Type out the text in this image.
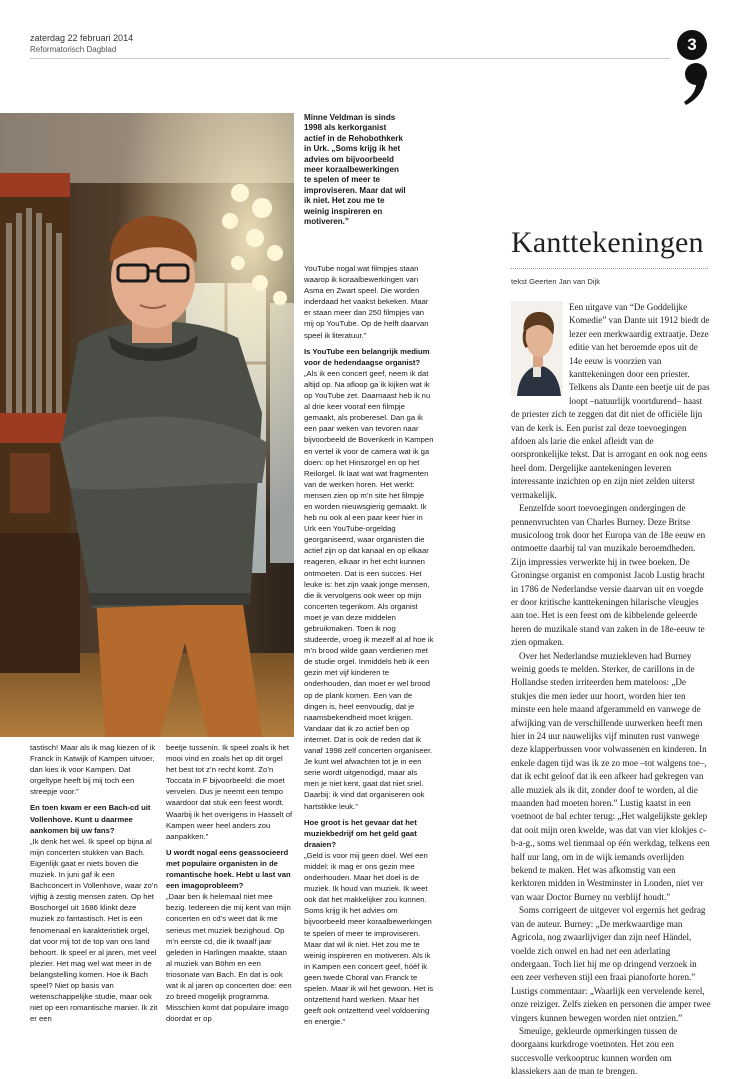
zaterdag 22 februari 2014
Reformatorisch Dagblad	3

Minne Veldman is sinds 1998 als kerkorganist actief in de Rehobothkerk in Urk. „Soms krijg ik het advies om bijvoorbeeld meer koraalbewerkingen te spelen of meer te improviseren. Maar dat wil ik niet. Het zou me te weinig inspireren en motiveren.”

tastisch! Maar als ik mag kiezen of ik Franck in Katwijk of Kampen uitvoer, dan kies ik voor Kampen. Dat orgeltype heeft bij mij toch een streepje voor.”

En toen kwam er een Bach-cd uit Vollenhove. Kunt u daarmee aankomen bij uw fans?

„Ik denk het wel. Ik speel op bijna al mijn concerten stukken van Bach. Eigenlijk gaat er niets boven die muziek. In juni gaf ik een Bachconcert in Vollenhove, waar zo’n vijftig à zestig mensen zaten. Op het Boschorgel uit 1686 klinkt deze muziek zo fantastisch. Het is een fenomenaal en karakteristiek orgel, dat voor mij tot de top van ons land behoort. Ik speel er al jaren, met veel plezier. Het mag wel wat meer in de belangstelling komen. Hoe ik Bach speel? Niet op basis van wetenschappelijke studie, maar ook niet op een romantische manier. Ik zit er een

beetje tussenin. Ik speel zoals ik het mooi vind en zoals het op dit orgel het best tot z’n recht komt. Zo’n Toccata in F bijvoorbeeld: die moet vervelen. Dus je neemt een tempo waardoor dat stuk een feest wordt. Waarbij ik het overigens in Hasselt of Kampen weer heel anders zou aanpakken.”

U wordt nogal eens geassocieerd met populaire organisten in de romantische hoek. Hebt u last van een imagoprobleem?

„Daar ben ik helemaal niet mee bezig. Iedereen die mij kent van mijn concerten en cd’s weet dat ik me serieus met muziek bezighoud. Op m’n eerste cd, die ik twaalf jaar geleden in Harlingen maakte, staan al muziek van Böhm en een triosonate van Bach. En dat is ook wat ik al jaren op concerten doe: een zo breed mogelijk programma. Misschien komt dat populaire imago doordat er op

YouTube nogal wat filmpjes staan waarop ik koraalbewerkingen van Asma en Zwart speel. Die worden inderdaad het vaakst bekeken. Maar er staan meer dan 250 filmpjes van mij op YouTube. Op de helft daarvan speel ik literatuur.”

Is YouTube een belangrijk medium voor de hedendaagse organist?

„Als ik een concert geef, neem ik dat altijd op. Na afloop ga ik kijken wat ik op YouTube zet. Daarnaast heb ik nu al drie keer vooraf een filmpje gemaakt, als proberesel. Dan ga ik een paar weken van tevoren naar bijvoorbeeld de Bovenkerk in Kampen en vertel ik voor de camera wat ik ga doen: op het Hinszorgel en op het Reilorgel. Ik laat wat wat fragmenten van de werken horen. Het werkt: mensen zien op m’n site het filmpje en worden nieuwsgierig gemaakt. Ik heb nu ook al een paar keer hier in Urk een YouTube-orgeldag georganiseerd, waar organisten die actief zijn op dat kanaal en op elkaar reageren, elkaar in het echt kunnen ontmoeten. Dat is een succes. Het leuke is: het zijn vaak jonge mensen, die ik vervolgens ook weer op mijn concerten tegenkom. Als organist moet je van deze middelen gebruikmaken. Toen ik nog studeerde, vroeg ik mezelf al af hoe ik m’n brood wilde gaan verdienen met de studie orgel. Inmiddels heb ik een gezin met vijf kinderen te onderhouden, dan moet er wel brood op de plank komen. Een van de dingen is, heel eenvoudig, dat je naamsbekendheid moet krijgen. Vandaar dat ik zo actief ben op internet. Dat is ook de reden dat ik vanaf 1998 zelf concerten organiseer. Je kunt wel afwachten tot je in een serie wordt uitgenodigd, maar als men je niet kent, gaat dat niet snel. Daarbij: ik vind dat organiseren ook hartstikke leuk.”

Hoe groot is het gevaar dat het muziekbedrijf om het geld gaat draaien?

„Geld is voor mij geen doel. Wel een middel: ik mag er ons gezin mee onderhouden. Maar het doel is de muziek. Ik houd van muziek. Ik weet ook dat het makkelijker zou kunnen. Soms krijg ik het advies om bijvoorbeeld meer koraalbewerkingen te spelen of meer te improviseren. Maar dat wil ik niet. Het zou me te weinig inspireren en motiveren. Als ik in Kampen een concert geef, hóéf ik geen twede Choral van Franck te spelen. Maar ik wil het gewoon. Het is ontzettend hard werken. Maar het geeft ook ontzettend veel voldoening en energie.”

Kanttekeningen
tekst Geerten Jan van Dijk

Een uitgave van “De Goddelijke Komedie” van Dante uit 1912 biedt de lezer een merkwaardig extraatje. Deze editie van het beroemde epos uit de 14e eeuw is voorzien van kanttekeningen door een priester. Telkens als Dante een beetje uit de pas loopt –natuurlijk voortdurend– haast de priester zich te zeggen dat dit niet de officiële lijn van de kerk is. Een purist zal deze toevoegingen afdoen als larie die enkel afleidt van de oorspronkelijke tekst. Dat is arrogant en ook nog eens heel dom. Dergelijke aantekeningen leveren interessante inzichten op en zijn niet zelden uiterst vermakelijk.

Eenzelfde soort toevoegingen ondergingen de pennenvruchten van Charles Burney. Deze Britse musicoloog trok door het Europa van de 18e eeuw en ontmoette daarbij tal van muzikale beroemdheden. Zijn impressies verwerkte hij in twee boeken. De Groningse organist en componist Jacob Lustig bracht in 1786 de Nederlandse versie daarvan uit en voegde er door kritische kanttekeningen hilarische vleugjes aan toe. Het is een feest om de kibbelende geleerde heren de muzikale stand van zaken in de 18e-eeuw te zien opmaken.

Over het Nederlandse muziekleven had Burney weinig goeds te melden. Sterker, de carillons in de Hollandse steden irriteerden hem mateloos: „De stukjes die men ieder uur hoort, worden hier ten minste een hele maand afgerammeld en vanwege de afwijking van de verschillende uurwerken heeft men hier in 24 uur nauwelijks vijf minuten rust vanwege deze klapperbussen voor volwassenen en kinderen. In enkele dagen tijd was ik ze zo moe –tot walgens toe–, dat ik echt geloof dat ik een afkeer had gekregen van alle muziek als ik dit, zonder doof te worden, al die maanden had moeten horen.” Lustig kaatst in een voetnoot de bal echter terug: „Het walgelijkste geklep dat ooit mijn oren kwelde, was dat van vier klokjes c-b-a-g., soms wel tienmaal op één werkdag, telkens een half uur lang, om in de wijk iemands overlijden bekend te maken. Het was afkomstig van een kerktoren midden in Westminster in Londen, niet ver van waar Doctor Burney nu verblijf houdt.”

Soms corrigeert de uitgever vol ergernis het gedrag van de auteur. Burney: „De merkwaardige man Agricola, nog zwaarlijviger dan zijn neef Händel, voelde zich onwel en had net een aderlating ondergaan. Toch liet hij me op dringend verzoek in een zeer verheven stijl een fraai pianoforte horen.” Lustigs commentaar: „Waarlijk een vervelende kerel, onze reiziger. Zelfs zieken en personen die amper twee vingers kunnen bewegen worden niet ontzien.”

Smeuïge, gekleurde opmerkingen tussen de doorgaans kurkdroge voetnoten. Het zou een succesvolle verkooptruc kunnen worden om klassiekers aan de man te brengen.
